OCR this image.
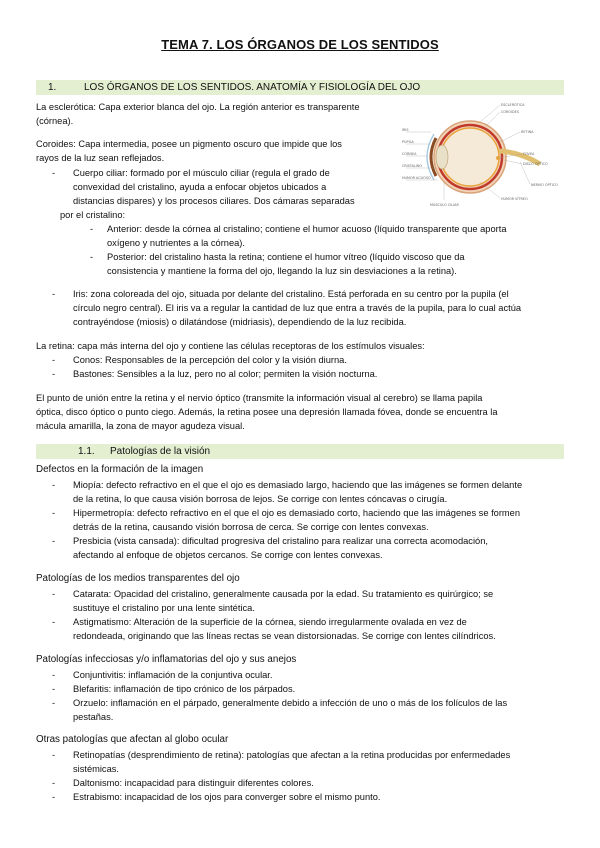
TEMA 7. LOS ÓRGANOS DE LOS SENTIDOS
1.	LOS ÓRGANOS DE LOS SENTIDOS. ANATOMÍA Y FISIOLOGÍA DEL OJO
IRIS
PUPILA
CÓRNEA
CRISTALINO
HUMOR ACUOSO
ESCLERÓTICA
COROIDES
RETINA
FÓVEA
DISCO ÓPTICO
NERVIO ÓPTICO
HUMOR VÍTREO
MÚSCULO CILIAR
La esclerótica: Capa exterior blanca del ojo. La región anterior es transparente
(córnea).
Coroides: Capa intermedia, posee un pigmento oscuro que impide que los
rayos de la luz sean reflejados.
-	Cuerpo ciliar: formado por el músculo ciliar (regula el grado de
convexidad del cristalino, ayuda a enfocar objetos ubicados a
distancias dispares) y los procesos ciliares. Dos cámaras separadas
por el cristalino:
-	Anterior: desde la córnea al cristalino; contiene el humor acuoso (líquido transparente que aporta
oxígeno y nutrientes a la córnea).
-	Posterior: del cristalino hasta la retina; contiene el humor vítreo (líquido viscoso que da
consistencia y mantiene la forma del ojo, llegando la luz sin desviaciones a la retina).
-	Iris: zona coloreada del ojo, situada por delante del cristalino. Está perforada en su centro por la pupila (el
círculo negro central). El iris va a regular la cantidad de luz que entra a través de la pupila, para lo cual actúa
contrayéndose (miosis) o dilatándose (midriasis), dependiendo de la luz recibida.
La retina: capa más interna del ojo y contiene las células receptoras de los estímulos visuales:
-	Conos: Responsables de la percepción del color y la visión diurna.
-	Bastones: Sensibles a la luz, pero no al color; permiten la visión nocturna.
El punto de unión entre la retina y el nervio óptico (transmite la información visual al cerebro) se llama papila
óptica, disco óptico o punto ciego. Además, la retina posee una depresión llamada fóvea, donde se encuentra la
mácula amarilla, la zona de mayor agudeza visual.
1.1. Patologías de la visión
Defectos en la formación de la imagen
-	Miopía: defecto refractivo en el que el ojo es demasiado largo, haciendo que las imágenes se formen delante
de la retina, lo que causa visión borrosa de lejos. Se corrige con lentes cóncavas o cirugía.
-	Hipermetropía: defecto refractivo en el que el ojo es demasiado corto, haciendo que las imágenes se formen
detrás de la retina, causando visión borrosa de cerca. Se corrige con lentes convexas.
-	Presbicia (vista cansada): dificultad progresiva del cristalino para realizar una correcta acomodación,
afectando al enfoque de objetos cercanos. Se corrige con lentes convexas.
Patologías de los medios transparentes del ojo
-	Catarata: Opacidad del cristalino, generalmente causada por la edad. Su tratamiento es quirúrgico; se
sustituye el cristalino por una lente sintética.
-	Astigmatismo: Alteración de la superficie de la córnea, siendo irregularmente ovalada en vez de
redondeada, originando que las líneas rectas se vean distorsionadas. Se corrige con lentes cilíndricos.
Patologías infecciosas y/o inflamatorias del ojo y sus anejos
-	Conjuntivitis: inflamación de la conjuntiva ocular.
-	Blefaritis: inflamación de tipo crónico de los párpados.
-	Orzuelo: inflamación en el párpado, generalmente debido a infección de uno o más de los folículos de las
pestañas.
Otras patologías que afectan al globo ocular
-	Retinopatías (desprendimiento de retina): patologías que afectan a la retina producidas por enfermedades
sistémicas.
-	Daltonismo: incapacidad para distinguir diferentes colores.
-	Estrabismo: incapacidad de los ojos para converger sobre el mismo punto.
